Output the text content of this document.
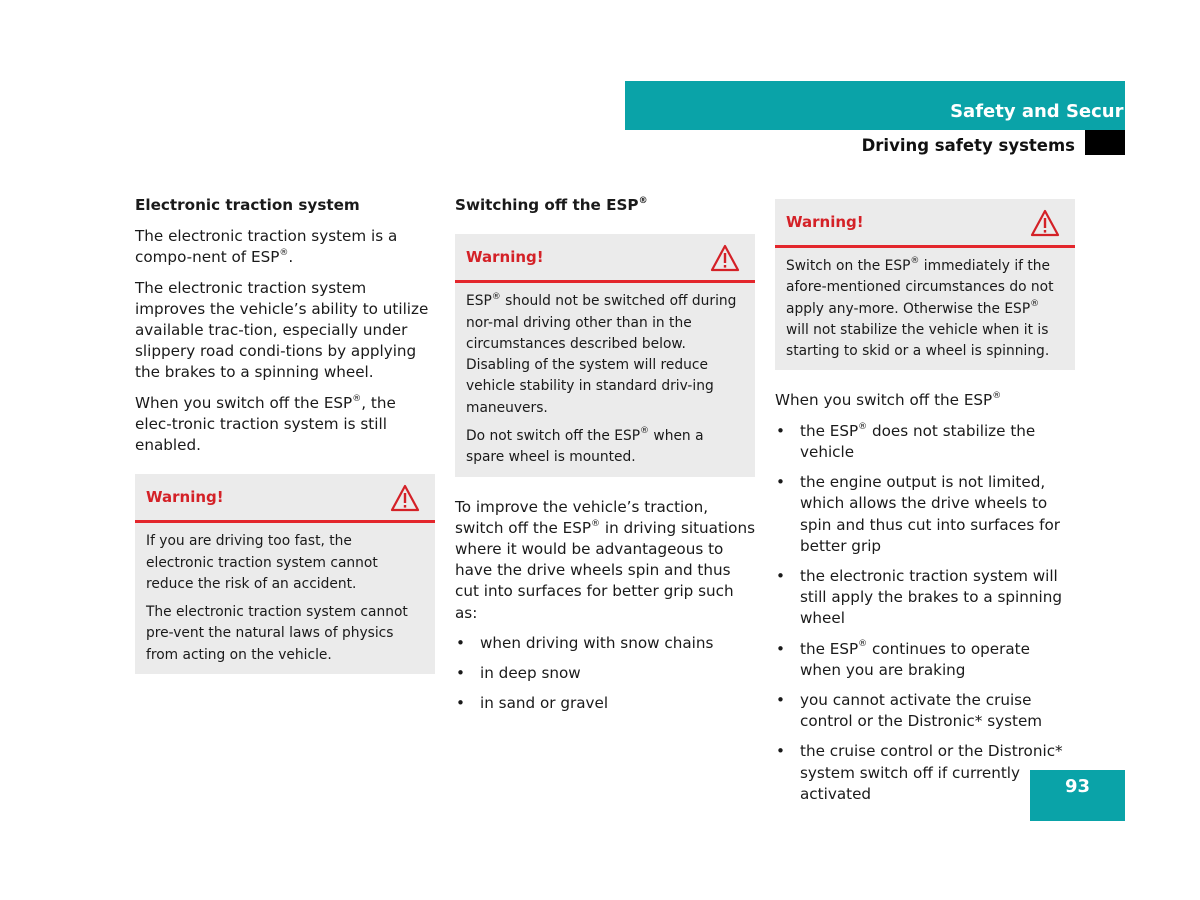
Safety and Security
Driving safety systems
Electronic traction system

The electronic traction system is a compo-nent of ESP®.

The electronic traction system improves the vehicle’s ability to utilize available trac-tion, especially under slippery road condi-tions by applying the brakes to a spinning wheel.

When you switch off the ESP®, the elec-tronic traction system is still enabled.

Warning!

If you are driving too fast, the electronic traction system cannot reduce the risk of an accident.

The electronic traction system cannot pre-vent the natural laws of physics from acting on the vehicle.

Switching off the ESP®
Warning!

ESP® should not be switched off during nor-mal driving other than in the circumstances described below. Disabling of the system will reduce vehicle stability in standard driv-ing maneuvers.

Do not switch off the ESP® when a spare wheel is mounted.

To improve the vehicle’s traction, switch off the ESP® in driving situations where it would be advantageous to have the drive wheels spin and thus cut into surfaces for better grip such as:

• when driving with snow chains
• in deep snow
• in sand or gravel
Warning!

Switch on the ESP® immediately if the afore-mentioned circumstances do not apply any-more. Otherwise the ESP® will not stabilize the vehicle when it is starting to skid or a wheel is spinning.

When you switch off the ESP®

• the ESP® does not stabilize the vehicle
• the engine output is not limited, which allows the drive wheels to spin and thus cut into surfaces for better grip
• the electronic traction system will still apply the brakes to a spinning wheel
• the ESP® continues to operate when you are braking
• you cannot activate the cruise control or the Distronic* system
• the cruise control or the Distronic* system switch off if currently activated	93
